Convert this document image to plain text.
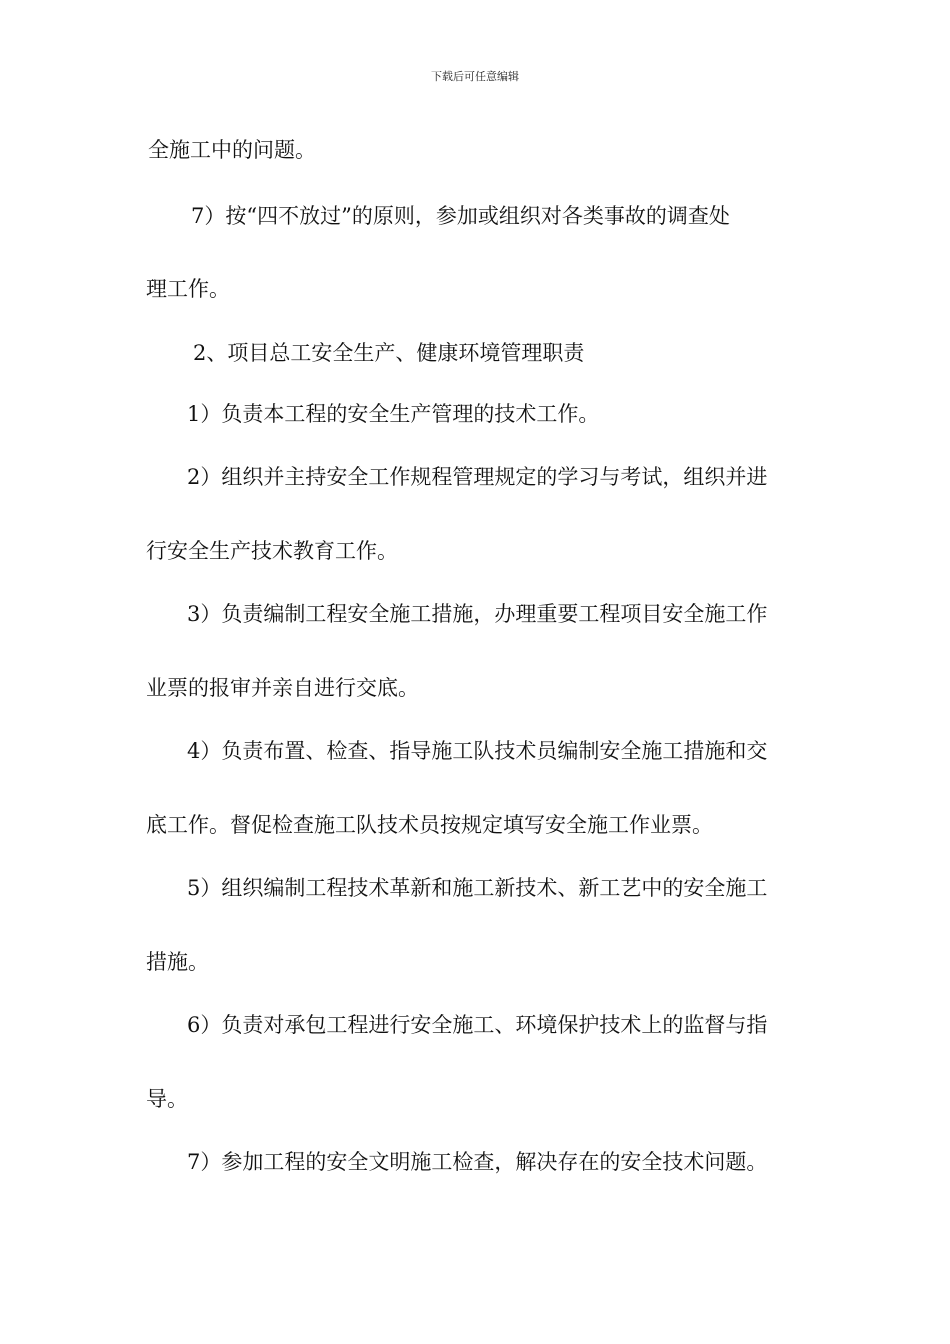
下载后可任意编辑
全施工中的问题。
7）按“四不放过”的原则，参加或组织对各类事故的调查处
理工作。
2、项目总工安全生产、健康环境管理职责
1）负责本工程的安全生产管理的技术工作。
2）组织并主持安全工作规程管理规定的学习与考试，组织并进
行安全生产技术教育工作。
3）负责编制工程安全施工措施，办理重要工程项目安全施工作
业票的报审并亲自进行交底。
4）负责布置、检查、指导施工队技术员编制安全施工措施和交
底工作。督促检查施工队技术员按规定填写安全施工作业票。
5）组织编制工程技术革新和施工新技术、新工艺中的安全施工
措施。
6）负责对承包工程进行安全施工、环境保护技术上的监督与指
导。
7）参加工程的安全文明施工检查，解决存在的安全技术问题。
